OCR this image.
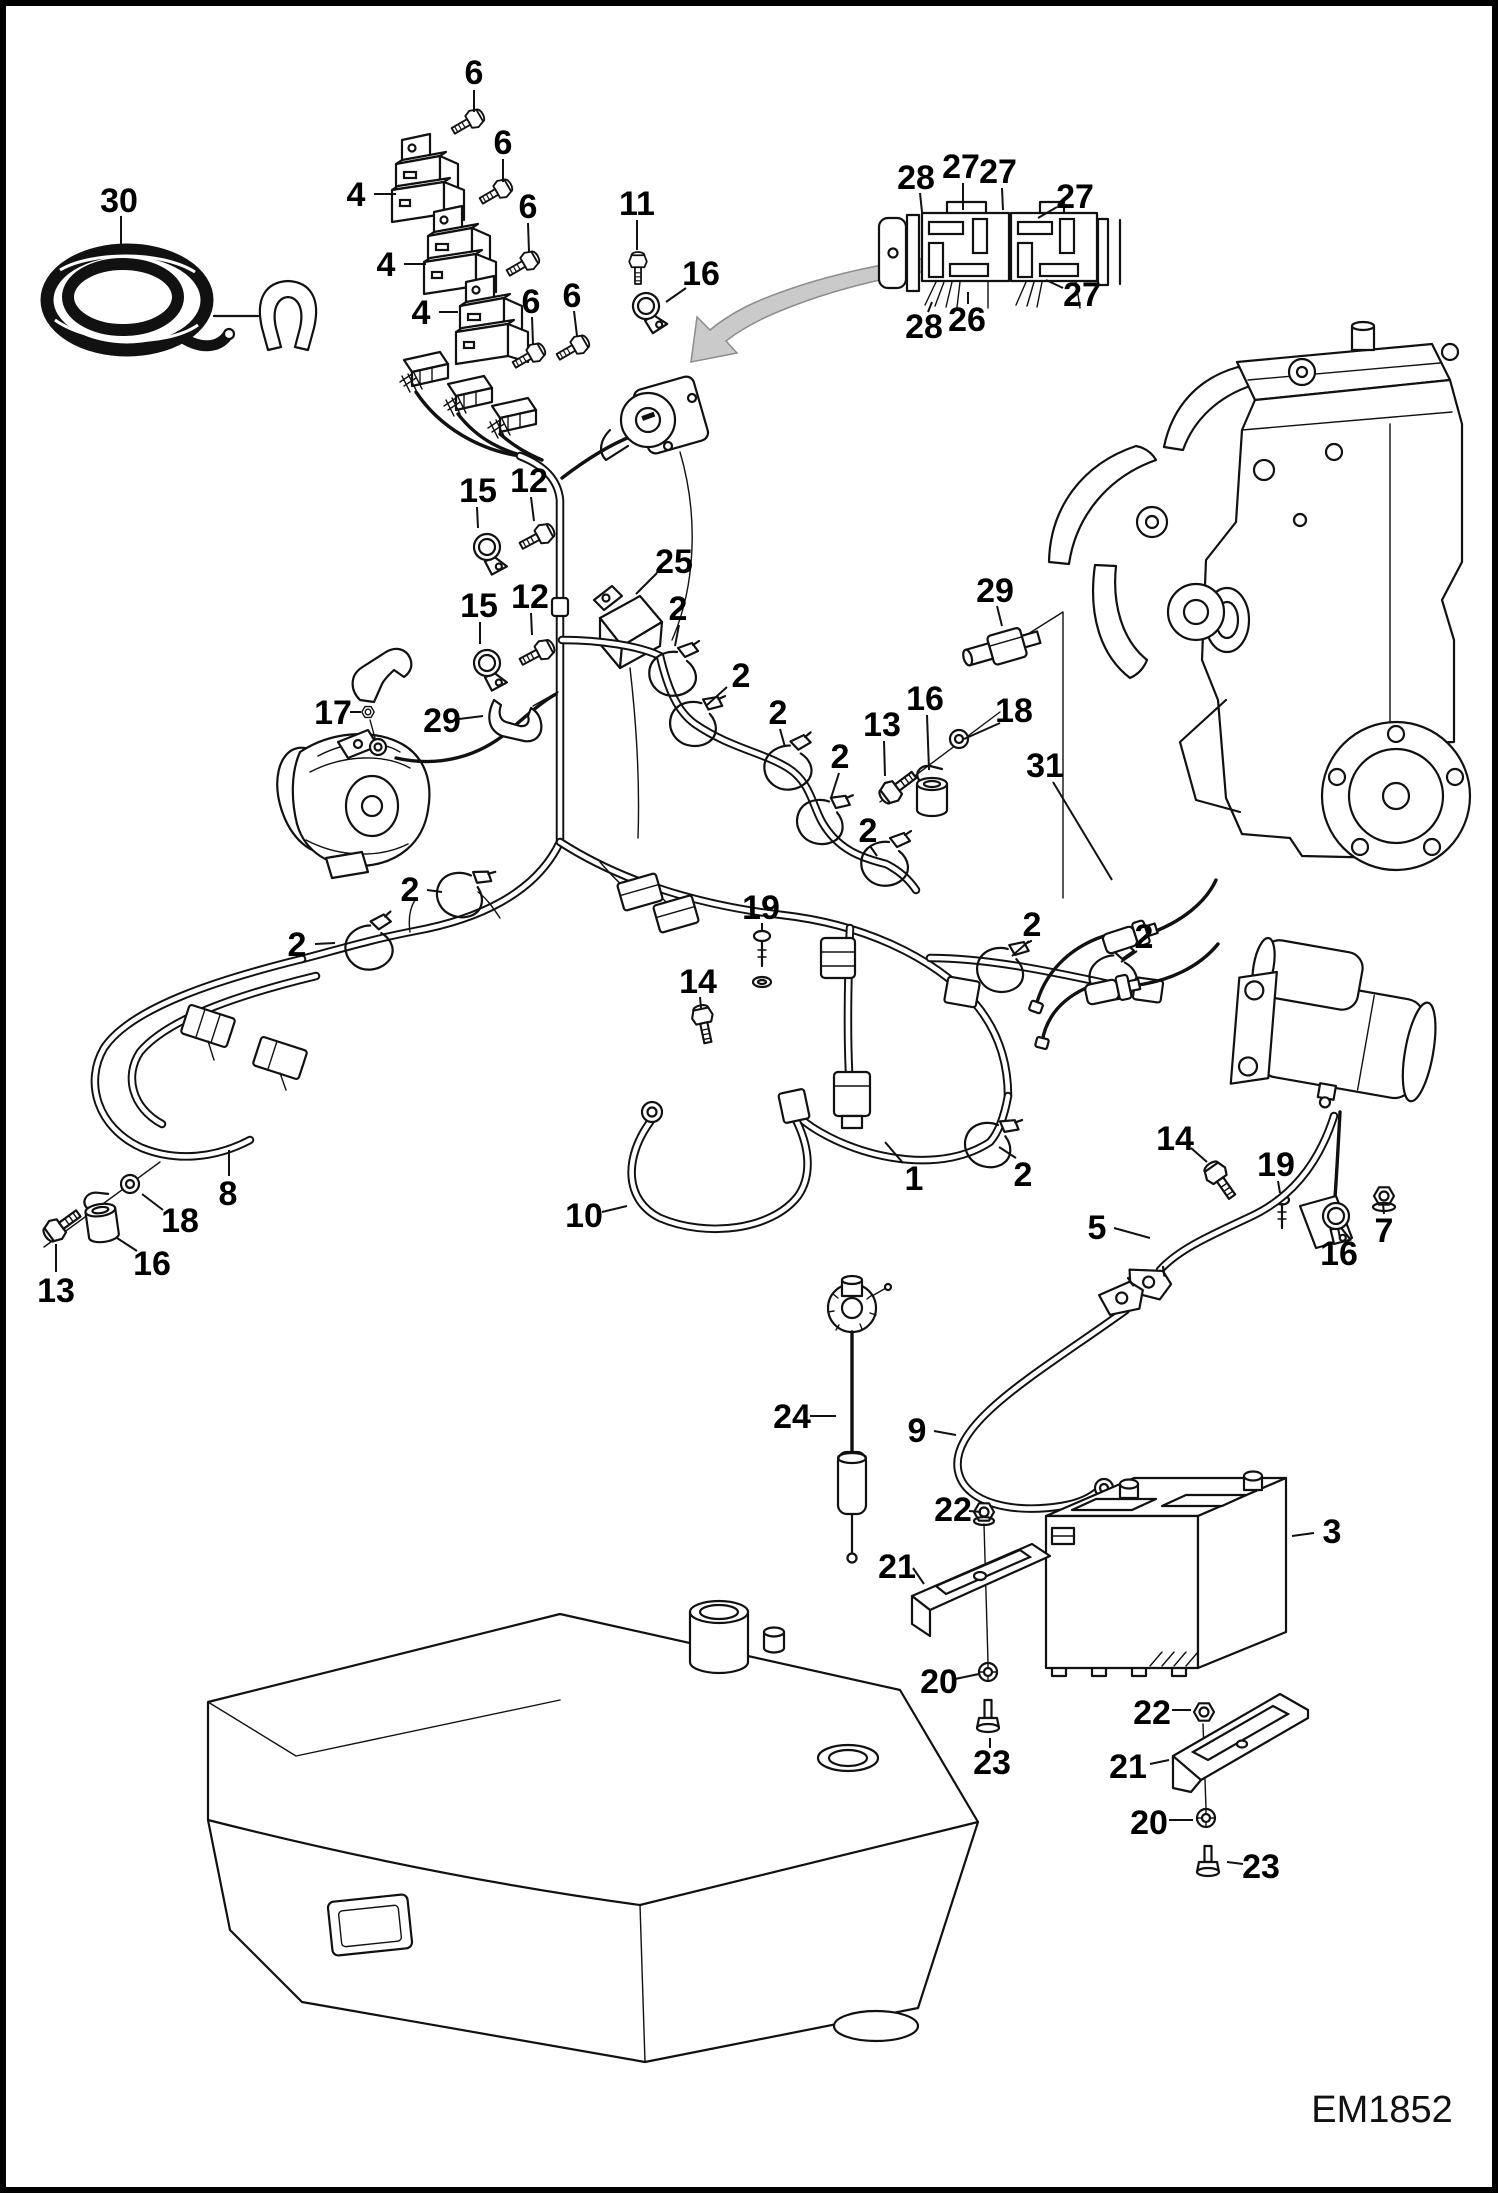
30
6
6
6
6 6
4
4
4
11
16
28 27 27
27
28 26
27
15 12
15 12
25
2
2
2
2
2
29
17
29
13
16 18
31
2
2
2	2
19
14
1	2
10
8
18
16
13
14
19
7
16
5
24	9
22
3
21
20
23
22
21
20
23
EM1852
